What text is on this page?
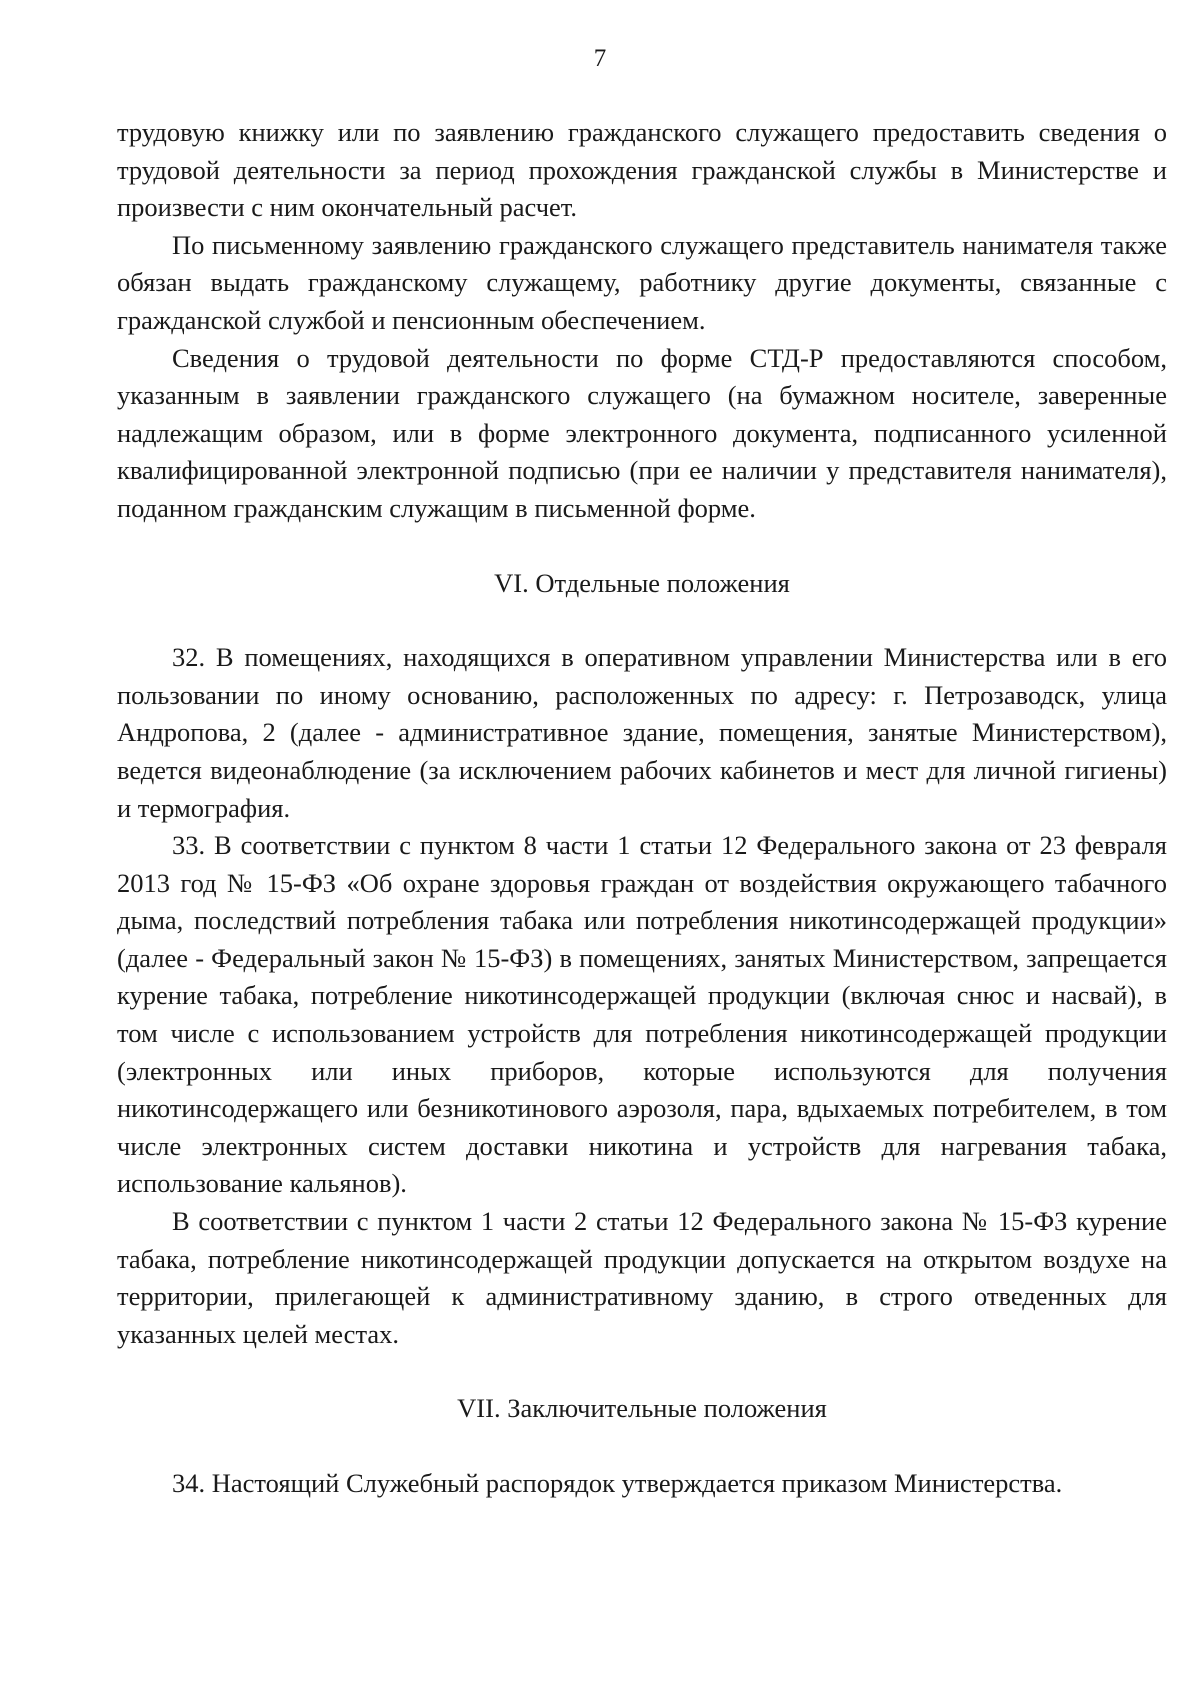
7

трудовую книжку или по заявлению гражданского служащего предоставить сведения о трудовой деятельности за период прохождения гражданской службы в Министерстве и произвести с ним окончательный расчет.

По письменному заявлению гражданского служащего представитель нанимателя также обязан выдать гражданскому служащему, работнику другие документы, связанные с гражданской службой и пенсионным обеспечением.

Сведения о трудовой деятельности по форме СТД-Р предоставляются способом, указанным в заявлении гражданского служащего (на бумажном носителе, заверенные надлежащим образом, или в форме электронного документа, подписанного усиленной квалифицированной электронной подписью (при ее наличии у представителя нанимателя), поданном гражданским служащим в письменной форме.

VI. Отдельные положения

32. В помещениях, находящихся в оперативном управлении Министерства или в его пользовании по иному основанию, расположенных по адресу: г. Петрозаводск, улица Андропова, 2 (далее - административное здание, помещения, занятые Министерством), ведется видеонаблюдение (за исключением рабочих кабинетов и мест для личной гигиены) и термография.

33. В соответствии с пунктом 8 части 1 статьи 12 Федерального закона от 23 февраля 2013 год № 15-ФЗ «Об охране здоровья граждан от воздействия окружающего табачного дыма, последствий потребления табака или потребления никотинсодержащей продукции» (далее - Федеральный закон № 15-ФЗ) в помещениях, занятых Министерством, запрещается курение табака, потребление никотинсодержащей продукции (включая снюс и насвай), в том числе с использованием устройств для потребления никотинсодержащей продукции (электронных или иных приборов, которые используются для получения никотинсодержащего или безникотинового аэрозоля, пара, вдыхаемых потребителем, в том числе электронных систем доставки никотина и устройств для нагревания табака, использование кальянов).

В соответствии с пунктом 1 части 2 статьи 12 Федерального закона № 15-ФЗ курение табака, потребление никотинсодержащей продукции допускается на открытом воздухе на территории, прилегающей к административному зданию, в строго отведенных для указанных целей местах.

VII. Заключительные положения

34. Настоящий Служебный распорядок утверждается приказом Министерства.
